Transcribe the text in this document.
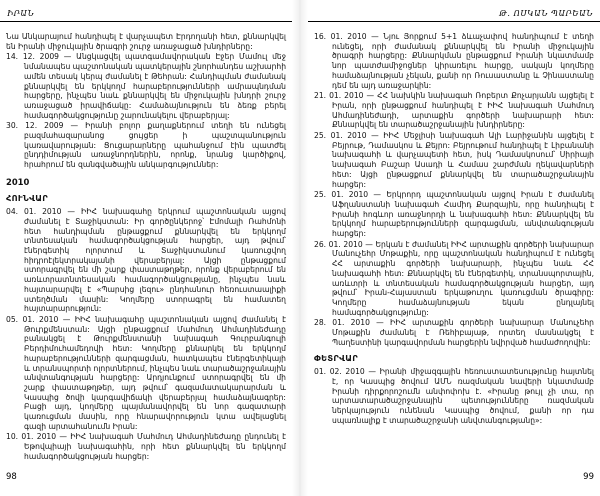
ԻՐԱՆ

Նա Անկարայում հանդիպել է վարչապետ Էրդողանի հետ, քննարկվել են Իրանի միջուկային ծրագրի շուրջ առաջացած խնդիրները:

14. 12. 2009 — Անցկացվել պատգամավորական Էջեր Մամուլ մեջ նմանապես պաշտոնական պատկերային շնորհանդես աշխարհի ամեն տեսակ կերպ ժամանել է Թեհրան: Հանդիպման ժամանակ քննարկվել են երկկողմ հարաբերությունների ամրապնդման հարցերը, ինչպես նաև քննարկվել են միջուկային խնդրի շուրջ առաջացած իրավիճակը: Համաձայնություն են ձեռք բերել համագործակցությունը շարունակելու վերաբերյալ:

30. 12. 2009 — Իրանի բոլոր քաղաքներում տեղի են ունեցել բազմահազարանոց ցույցեր ի պաշտպանություն կառավարության: Ցուցարարները պահանջում էին պատժել ընդդիմության առաջնորդներին, որոնք, նրանց կարծիքով, հրահրում են զանգվածային անկարգություններ:

2010
ՀՈՒՆՎԱՐ

04. 01. 2010 — ԻԻՀ նախագահը երկրում պաշտոնական այցով ժամանել է Տաջիկստան: Իր գործընկերոջ՝ Էմոմալի Ռահմոնի հետ հանդիպման ընթացքում քննարկվել են երկկողմ տնտեսական համագործակցության հարցեր, այդ թվում՝ էներգետիկ ոլորտում և Տաջիկստանում կառուցվող հիդրոէլեկտրակայանի վերաբերյալ: Այցի ընթացքում ստորագրվել են մի շարք փաստաթղթեր, որոնք վերաբերում են առևտրատնտեսական համագործակցությանը, ինչպես նաև հայտարարվել է «Պարսից լեզու» ընդհանուր հեռուստաալիքի ստեղծման մասին: Կողմերը ստորագրել են համատեղ հայտարարություն:

05. 01. 2010 — ԻԻՀ նախագահը պաշտոնական այցով ժամանել է Թուրքմենստան: Այցի ընթացքում Մահմուդ Ահմադինեժադը բանակցել է Թուրքմենստանի նախագահ Գուրբանգուլի Բերդիմուհամեդովի հետ: Կողմերը քննարկել են երկկողմ հարաբերությունների զարգացման, հատկապես էներգետիկայի և տրանսպորտի ոլորտներում, ինչպես նաև տարածաշրջանային անվտանգության հարցերը: Արդյունքում ստորագրվել են մի շարք փաստաթղթեր, այդ թվում՝ գազամատակարարման և Կասպից ծովի կարգավիճակի վերաբերյալ համաձայնագրեր: Բացի այդ, կողմերը պայմանավորվել են նոր գազատարի կառուցման մասին, որը հնարավորություն կտա ավելացնել գազի արտահանումն Իրան:

10. 01. 2010 — ԻԻՀ նախագահ Մահմուդ Ահմադինեժադը ընդունել է Եթովպիայի նախագահին, որի հետ քննարկվել են երկկողմ համագործակցության հարցեր:

98
Թ. ՈՍԿԱՆ ՊԱՐԵԱՆ

16. 01. 2010 — Նյու Յորքում 5+1 ձևաչափով հանդիպում է տեղի ունեցել, որի ժամանակ քննարկվել են Իրանի միջուկային ծրագրի հարցերը: Քննարկման ընթացքում Իրանի նկատմամբ նոր պատժամիջոցներ կիրառելու հարցը, սակայն կողմերը համաձայնության չեկան, քանի որ Ռուսաստանը և Չինաստանը դեմ են այդ առաջարկին:

21. 01. 2010 — ՀՀ նախկին նախագահ Ռոբերտ Քոչարյանն այցելել է Իրան, որի ընթացքում հանդիպել է ԻԻՀ նախագահ Մահմուդ Ահմադինեժադի, արտաքին գործերի նախարարի հետ: Քննարկվել են տարածաշրջանային խնդիրները:

25. 01. 2010 — ԻԻՀ Մեջլիսի նախագահ Ալի Լարիջանին այցելել է Բեյրութ, Դամասկոս և Քեյրո: Բեյրութում հանդիպել է Լիբանանի նախագահի և վարչապետի հետ, իսկ Դամասկոսում՝ Սիրիայի նախագահ Բաշար Ասադի և Համաս շարժման ղեկավարների հետ: Այցի ընթացքում քննարկվել են տարածաշրջանային հարցեր:

25. 01. 2010 — Երկրորդ պաշտոնական այցով Իրան է ժամանել Աֆղանստանի նախագահ Համիդ Քարզային, որը հանդիպել է Իրանի հոգևոր առաջնորդի և նախագահի հետ: Քննարկվել են երկկողմ հարաբերությունների զարգացման, անվտանգության հարցեր:

26. 01. 2010 — Երկան է ժամանել ԻԻՀ արտաքին գործերի նախարար Մանուչեհր Մոթաքին, որը պաշտոնական հանդիպում է ունեցել ՀՀ արտաքին գործերի նախարարի, ինչպես նաև ՀՀ նախագահի հետ: Քննարկվել են էներգետիկ, տրանսպորտային, առևտրի և տնտեսական համագործակցության հարցեր, այդ թվում՝ Իրան-Հայաստան երկաթուղու կառուցման ծրագիրը: Կողմերը համաձայնության եկան ընդլայնել համագործակցությունը:

28. 01. 2010 — ԻԻՀ արտաքին գործերի նախարար Մանուչեհր Մոթաքին ժամանել է Ռեհիբայաթ, որտեղ մասնակցել է Պաղեստինի կարգավորման հարցերին նվիրված համաժողովին:

ՓԵՏՐՎԱՐ

01. 02. 2010 — Իրանի միջազգային հեռուստատեսությունը հայտնել է, որ Կասպից ծովում ԱՄՆ ռազմական նավերի նկատմամբ Իրանի դիրքորոշումն անփոփոխ է. «Իրանը թույլ չի տա, որ արտատարածաշրջանային պետությունները ռազմական ներկայություն ունենան Կասպից ծովում, քանի որ դա սպառնալիք է տարածաշրջանի անվտանգությանը»:

99
